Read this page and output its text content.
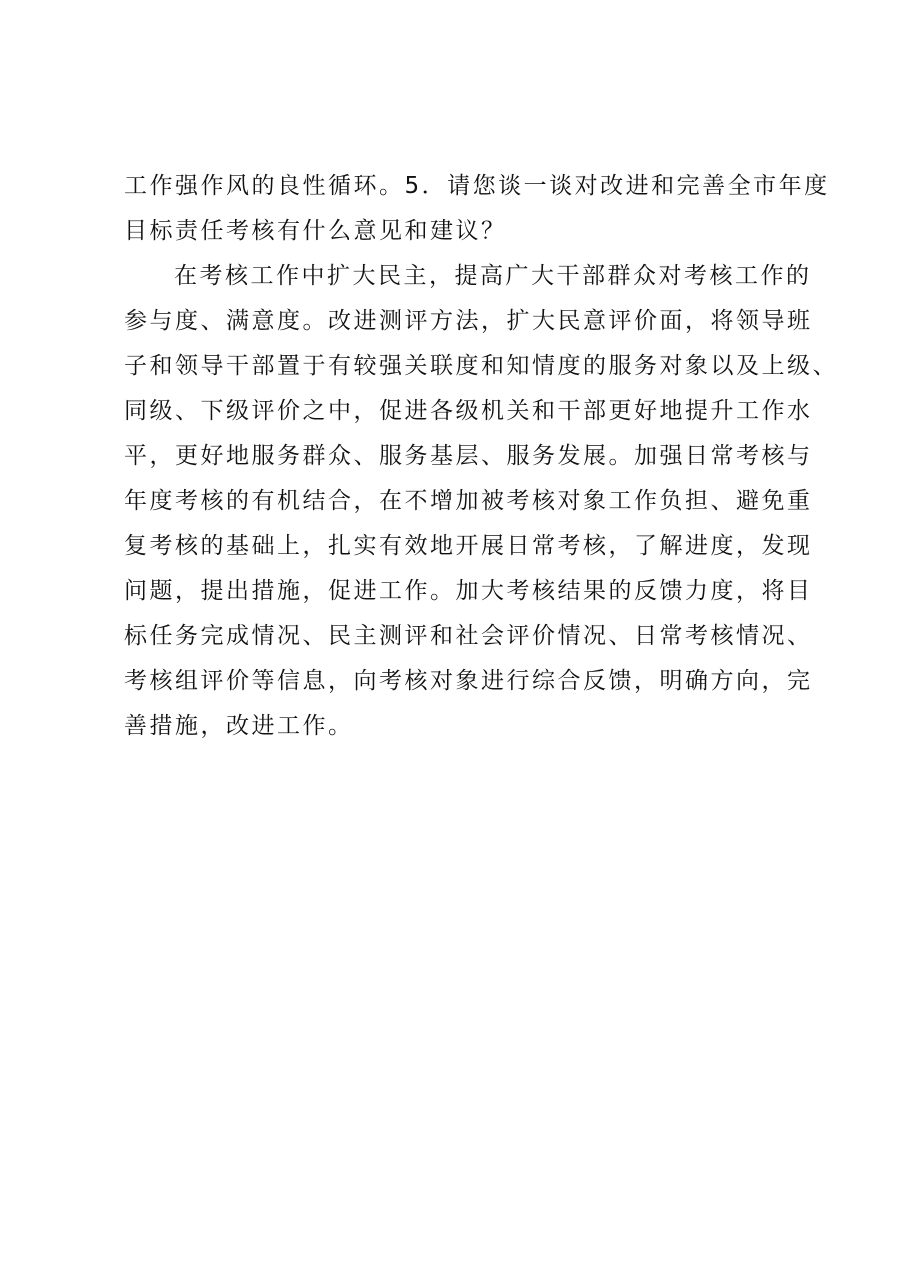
工作强作风的良性循环。5．请您谈一谈对改进和完善全市年度
目标责任考核有什么意见和建议？
在考核工作中扩大民主，提高广大干部群众对考核工作的
参与度、满意度。改进测评方法，扩大民意评价面，将领导班
子和领导干部置于有较强关联度和知情度的服务对象以及上级、
同级、下级评价之中，促进各级机关和干部更好地提升工作水
平，更好地服务群众、服务基层、服务发展。加强日常考核与
年度考核的有机结合，在不增加被考核对象工作负担、避免重
复考核的基础上，扎实有效地开展日常考核，了解进度，发现
问题，提出措施，促进工作。加大考核结果的反馈力度，将目
标任务完成情况、民主测评和社会评价情况、日常考核情况、
考核组评价等信息，向考核对象进行综合反馈，明确方向，完
善措施，改进工作。
